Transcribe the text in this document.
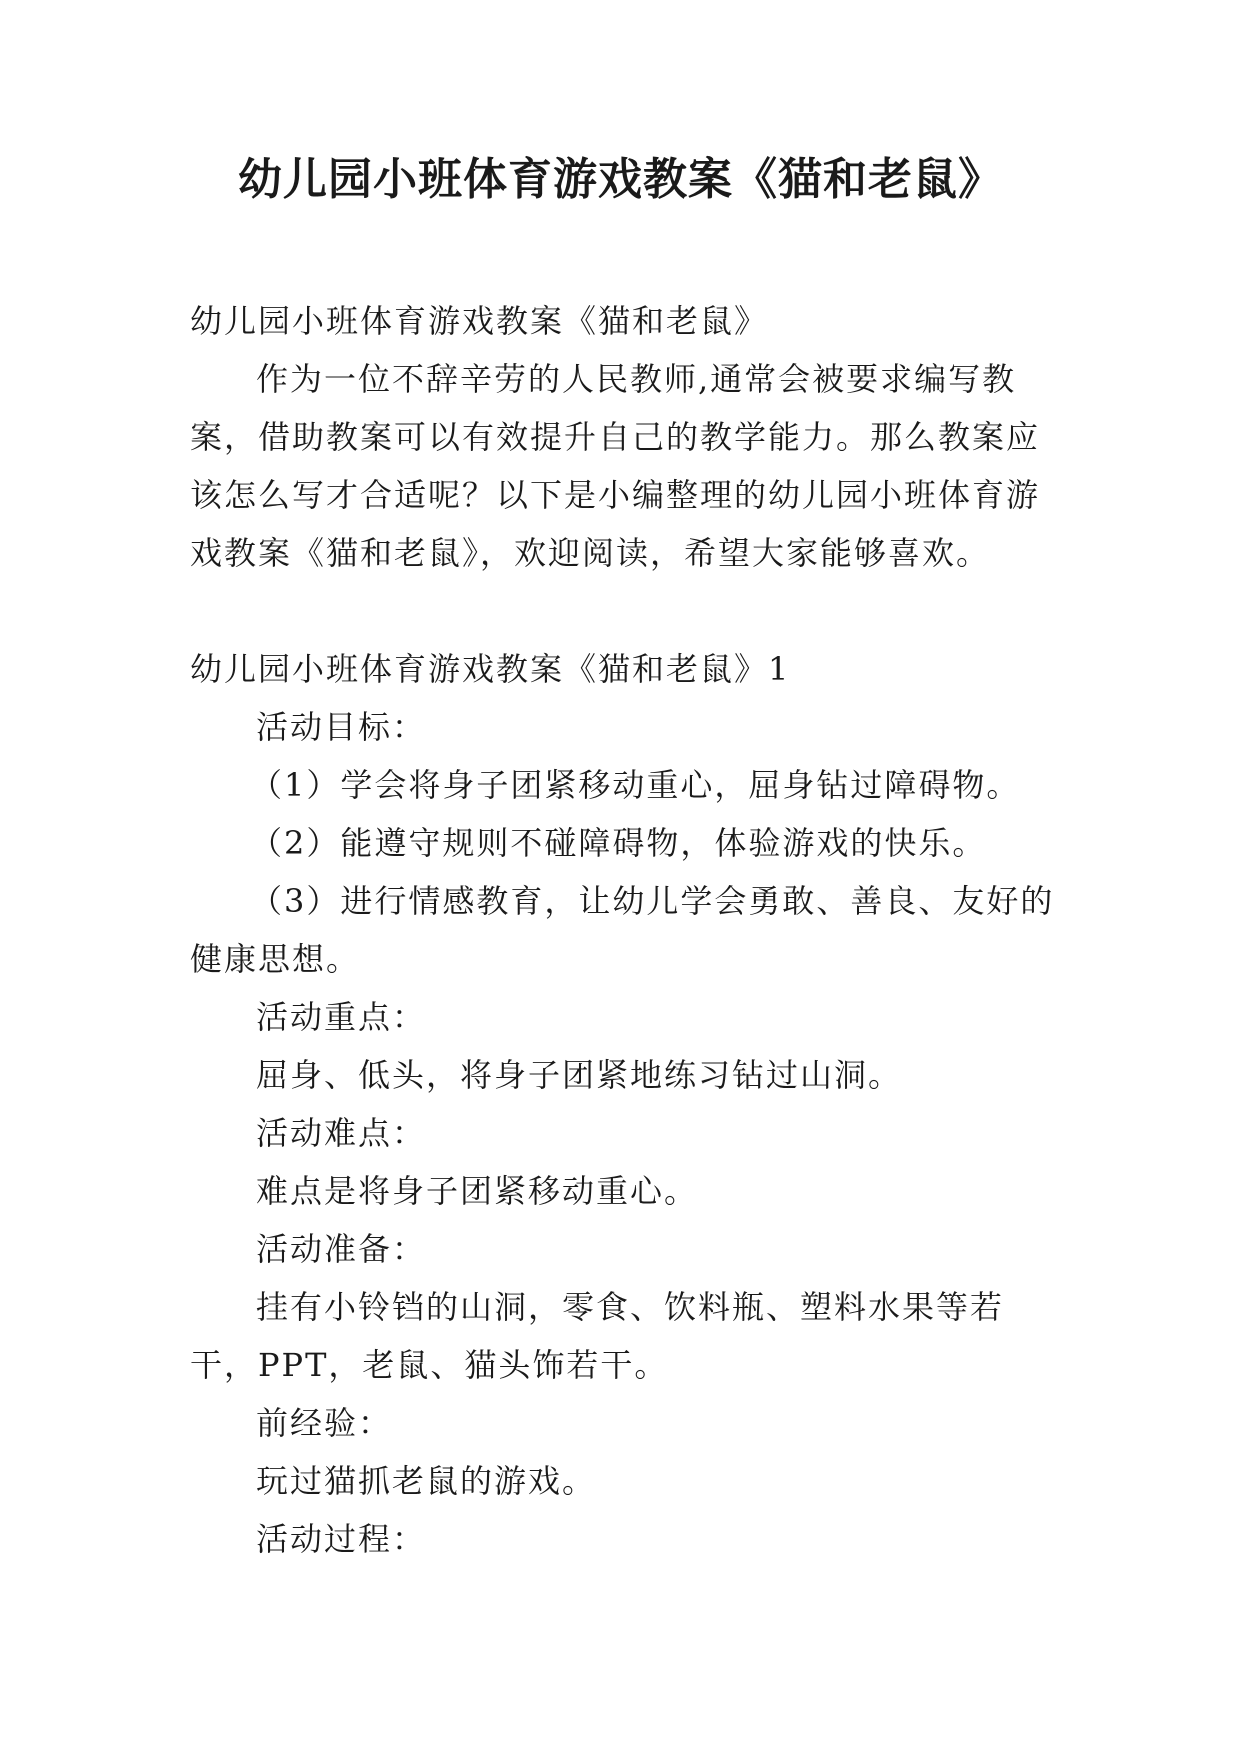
幼儿园小班体育游戏教案《猫和老鼠》

幼儿园小班体育游戏教案《猫和老鼠》

作为一位不辞辛劳的人民教师,通常会被要求编写教案，借助教案可以有效提升自己的教学能力。那么教案应该怎么写才合适呢？以下是小编整理的幼儿园小班体育游戏教案《猫和老鼠》，欢迎阅读，希望大家能够喜欢。

幼儿园小班体育游戏教案《猫和老鼠》1

活动目标：

（1）学会将身子团紧移动重心，屈身钻过障碍物。

（2）能遵守规则不碰障碍物，体验游戏的快乐。

（3）进行情感教育，让幼儿学会勇敢、善良、友好的健康思想。

活动重点：

屈身、低头，将身子团紧地练习钻过山洞。

活动难点：

难点是将身子团紧移动重心。

活动准备：

挂有小铃铛的山洞，零食、饮料瓶、塑料水果等若干，PPT，老鼠、猫头饰若干。

前经验：

玩过猫抓老鼠的游戏。

活动过程：
